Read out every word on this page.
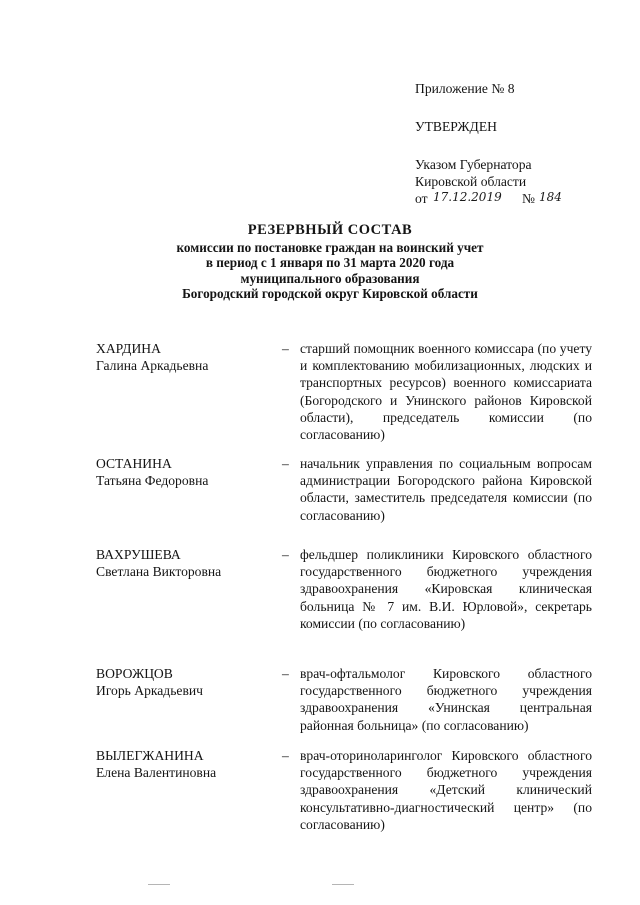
Приложение № 8
УТВЕРЖДЕН
Указом Губернатора
Кировской области
от 17.12.2019 № 184
РЕЗЕРВНЫЙ СОСТАВ
комиссии по постановке граждан на воинский учет
в период с 1 января по 31 марта 2020 года
муниципального образования
Богородский городской округ Кировской области
ХАРДИНА
Галина Аркадьевна
– старший помощник военного комиссара (по учету и комплектованию мобилизационных, людских и транспортных ресурсов) военного комиссариата (Богородского и Унинского районов Кировской области), председатель комиссии (по согласованию)
ОСТАНИНА
Татьяна Федоровна
– начальник управления по социальным вопросам администрации Богородского района Кировской области, заместитель председателя комиссии (по согласованию)
ВАХРУШЕВА
Светлана Викторовна
– фельдшер поликлиники Кировского областного государственного бюджетного учреждения здравоохранения «Кировская клиническая больница № 7 им. В.И. Юрловой», секретарь комиссии (по согласованию)
ВОРОЖЦОВ
Игорь Аркадьевич
– врач-офтальмолог Кировского областного государственного бюджетного учреждения здравоохранения «Унинская центральная районная больница» (по согласованию)
ВЫЛЕГЖАНИНА
Елена Валентиновна
– врач-оториноларинголог Кировского областного государственного бюджетного учреждения здравоохранения «Детский клинический консультативно-диагностический центр» (по согласованию)
